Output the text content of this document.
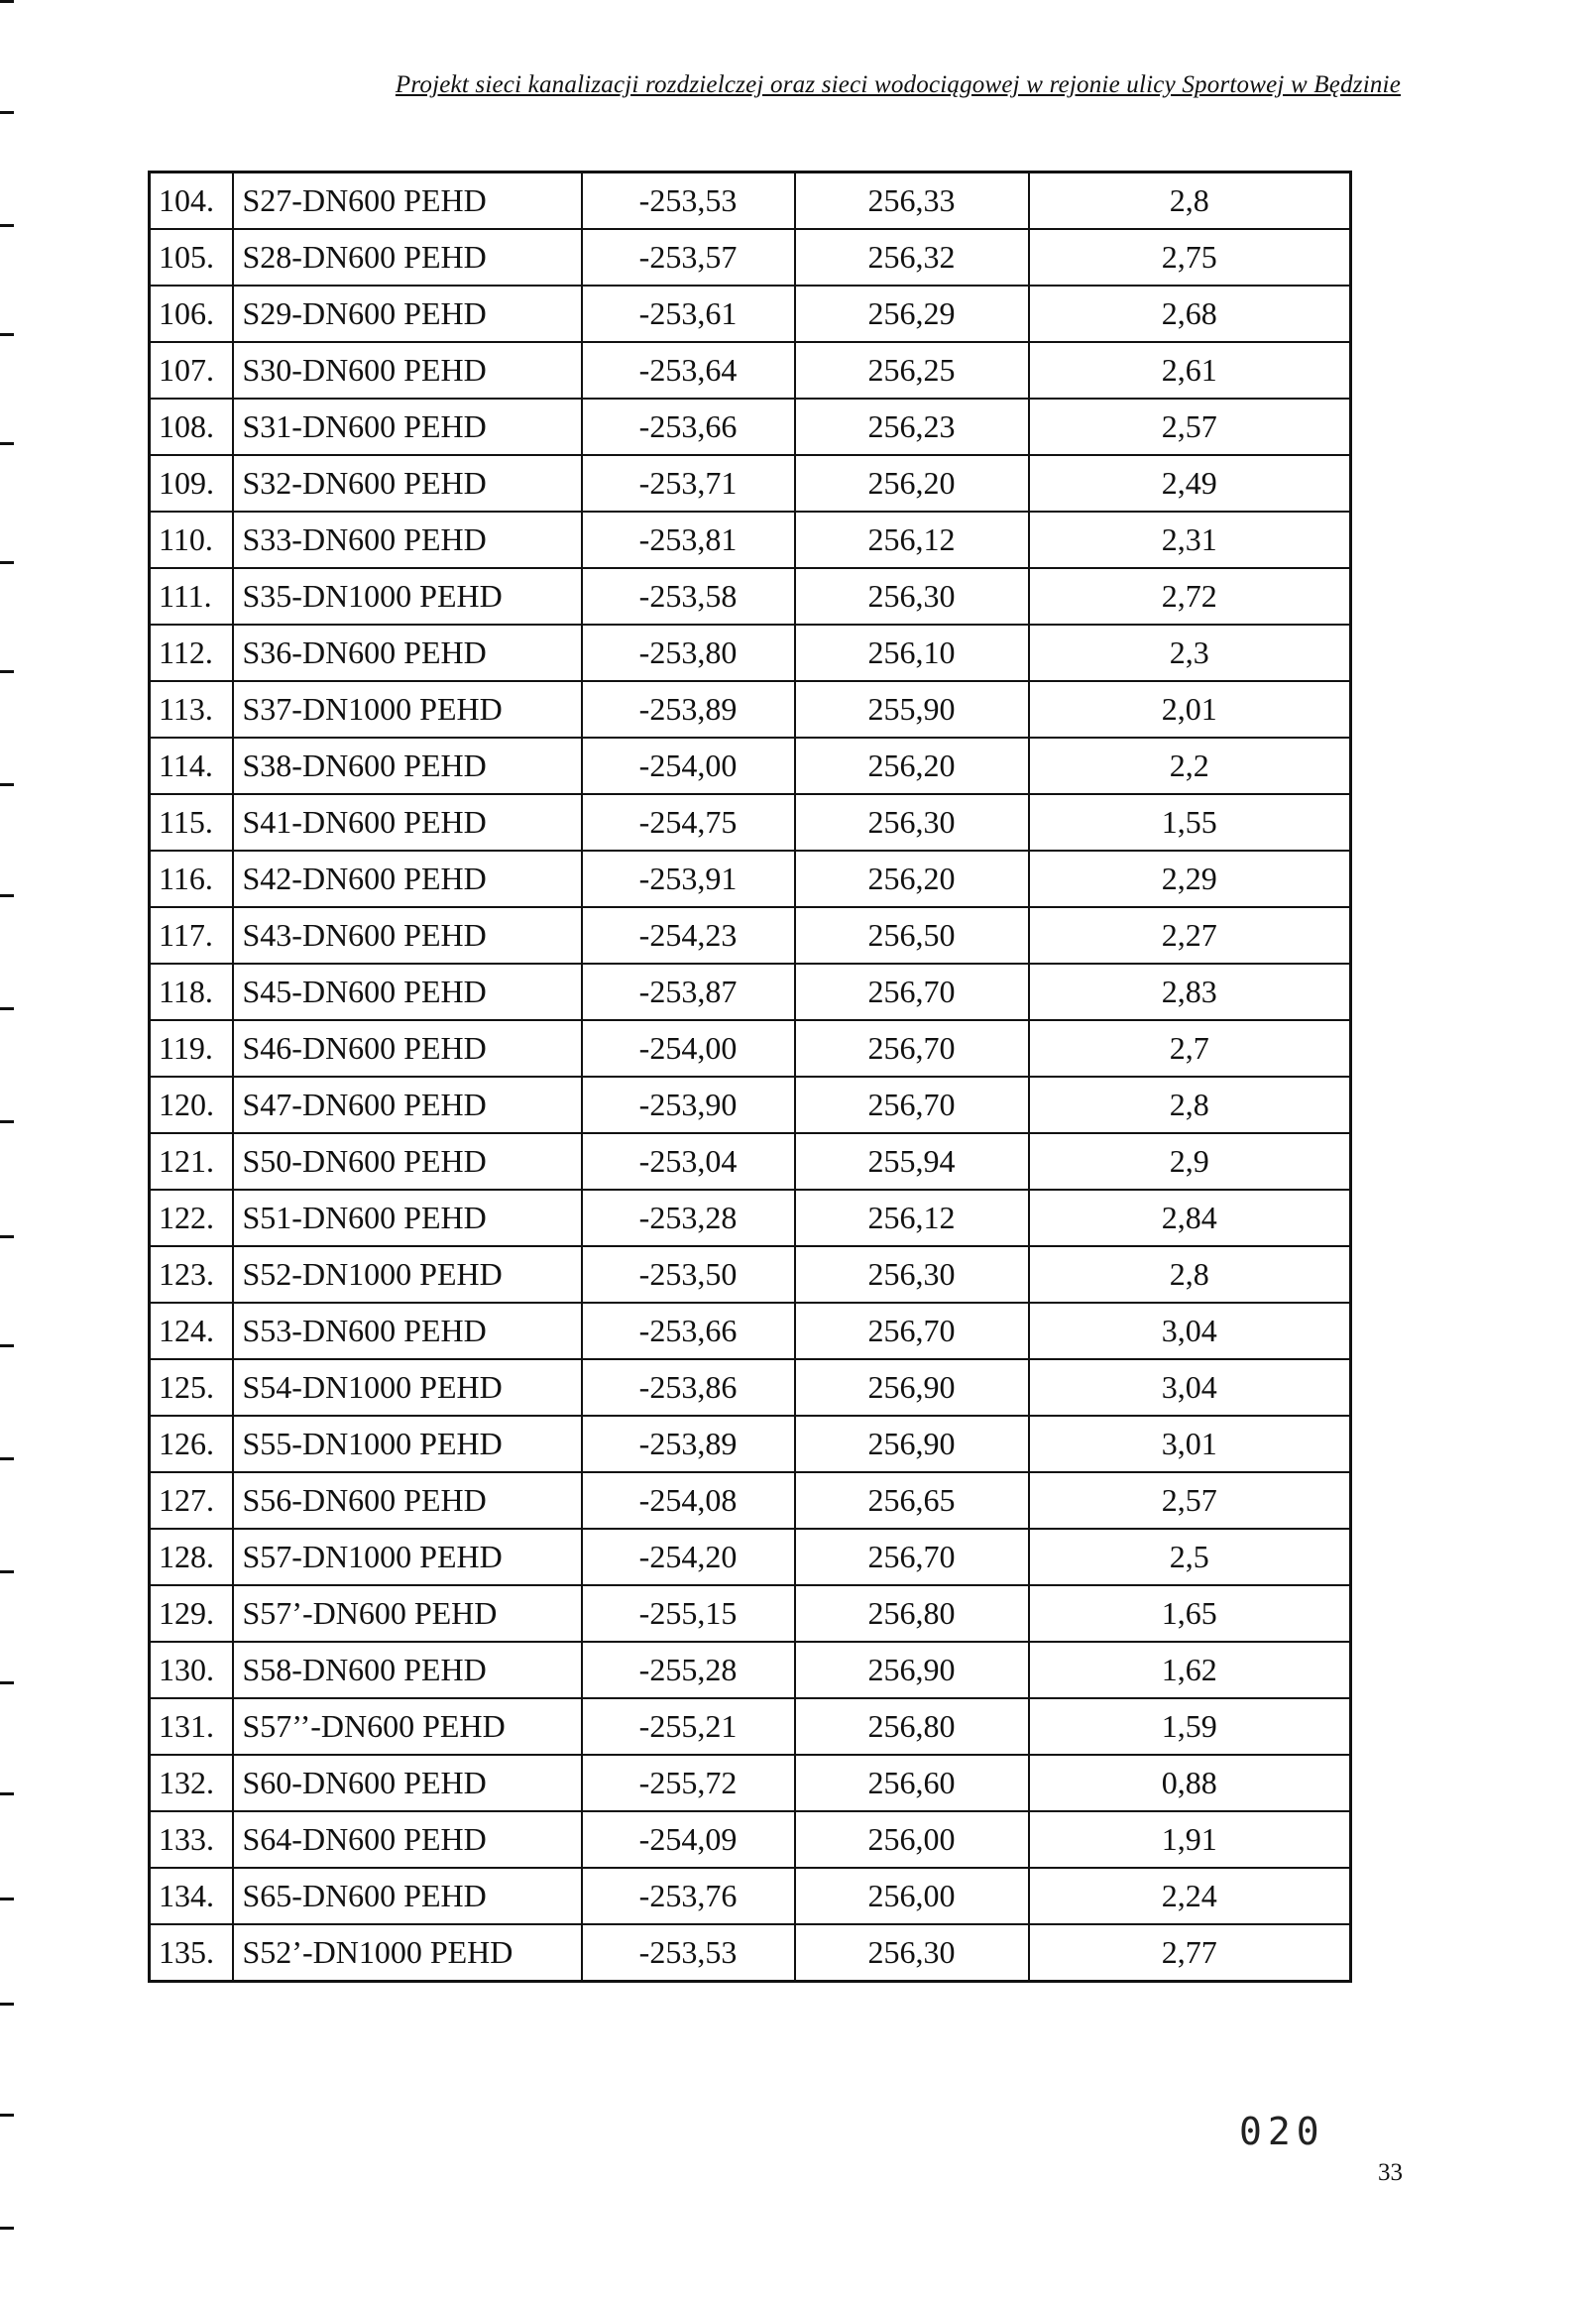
Projekt sieci kanalizacji rozdzielczej oraz sieci wodociągowej w rejonie ulicy Sportowej w Będzinie
104.	S27-DN600 PEHD	-253,53	256,33	2,8
105.	S28-DN600 PEHD	-253,57	256,32	2,75
106.	S29-DN600 PEHD	-253,61	256,29	2,68
107.	S30-DN600 PEHD	-253,64	256,25	2,61
108.	S31-DN600 PEHD	-253,66	256,23	2,57
109.	S32-DN600 PEHD	-253,71	256,20	2,49
110.	S33-DN600 PEHD	-253,81	256,12	2,31
111.	S35-DN1000 PEHD	-253,58	256,30	2,72
112.	S36-DN600 PEHD	-253,80	256,10	2,3
113.	S37-DN1000 PEHD	-253,89	255,90	2,01
114.	S38-DN600 PEHD	-254,00	256,20	2,2
115.	S41-DN600 PEHD	-254,75	256,30	1,55
116.	S42-DN600 PEHD	-253,91	256,20	2,29
117.	S43-DN600 PEHD	-254,23	256,50	2,27
118.	S45-DN600 PEHD	-253,87	256,70	2,83
119.	S46-DN600 PEHD	-254,00	256,70	2,7
120.	S47-DN600 PEHD	-253,90	256,70	2,8
121.	S50-DN600 PEHD	-253,04	255,94	2,9
122.	S51-DN600 PEHD	-253,28	256,12	2,84
123.	S52-DN1000 PEHD	-253,50	256,30	2,8
124.	S53-DN600 PEHD	-253,66	256,70	3,04
125.	S54-DN1000 PEHD	-253,86	256,90	3,04
126.	S55-DN1000 PEHD	-253,89	256,90	3,01
127.	S56-DN600 PEHD	-254,08	256,65	2,57
128.	S57-DN1000 PEHD	-254,20	256,70	2,5
129.	S57’-DN600 PEHD	-255,15	256,80	1,65
130.	S58-DN600 PEHD	-255,28	256,90	1,62
131.	S57’’-DN600 PEHD	-255,21	256,80	1,59
132.	S60-DN600 PEHD	-255,72	256,60	0,88
133.	S64-DN600 PEHD	-254,09	256,00	1,91
134.	S65-DN600 PEHD	-253,76	256,00	2,24
135.	S52’-DN1000 PEHD	-253,53	256,30	2,77
020
33
